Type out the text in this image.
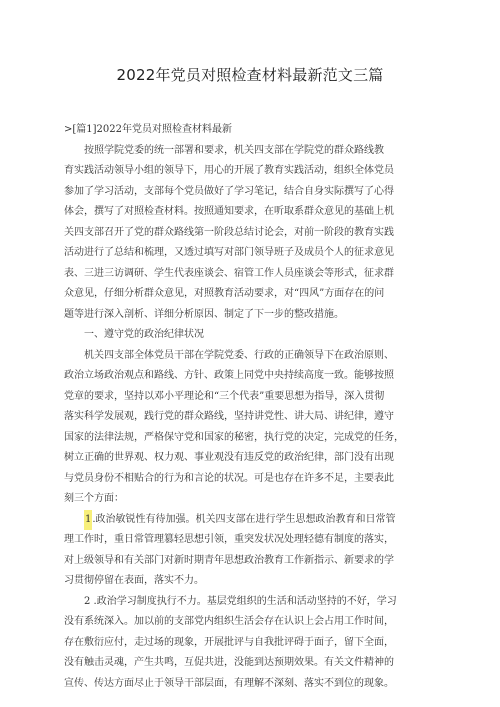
2022年党员对照检查材料最新范文三篇
>[篇1]2022年党员对照检查材料最新
按照学院党委的统一部署和要求，机关四支部在学院党的群众路线教
育实践活动领导小组的领导下，用心的开展了教育实践活动，组织全体党员
参加了学习活动，支部每个党员做好了学习笔记，结合自身实际撰写了心得
体会，撰写了对照检查材料。按照通知要求，在听取系群众意见的基础上机
关四支部召开了党的群众路线第一阶段总结讨论会，对前一阶段的教育实践
活动进行了总结和梳理，又透过填写对部门领导班子及成员个人的征求意见
表、三进三访调研、学生代表座谈会、宿管工作人员座谈会等形式，征求群
众意见，仔细分析群众意见，对照教育活动要求，对“四风”方面存在的问
题等进行深入剖析、详细分析原因、制定了下一步的整改措施。
一、遵守党的政治纪律状况
机关四支部全体党员干部在学院党委、行政的正确领导下在政治原则、
政治立场政治观点和路线、方针、政策上同党中央持续高度一致。能够按照
党章的要求，坚持以邓小平理论和“三个代表”重要思想为指导，深入贯彻
落实科学发展观，践行党的群众路线，坚持讲党性、讲大局、讲纪律，遵守
国家的法律法规，严格保守党和国家的秘密，执行党的决定，完成党的任务，
树立正确的世界观、权力观、事业观没有违反党的政治纪律，部门没有出现
与党员身份不相贴合的行为和言论的状况。可是也存在许多不足，主要表此
刻三个方面：
1.政治敏锐性有待加强。机关四支部在进行学生思想政治教育和日常管
理工作时，重日常管理篡轻思想引领，重突发状况处理轻德有制度的落实，
对上级领导和有关部门对新时期青年思想政治教育工作新指示、新要求的学
习贯彻停留在表面，落实不力。
2 .政治学习制度执行不力。基层党组织的生活和活动坚持的不好，学习
没有系统深入。加以前的支部党内组织生活会存在认识上会占用工作时间，
存在敷衍应付，走过场的现象，开展批评与自我批评碍于面子，留下全面，
没有触击灵魂，产生共鸣，互促共进，没能到达预期效果。有关文件精神的
宣传、传达方面尽止于领导干部层面，有理解不深刻、落实不到位的现象。
